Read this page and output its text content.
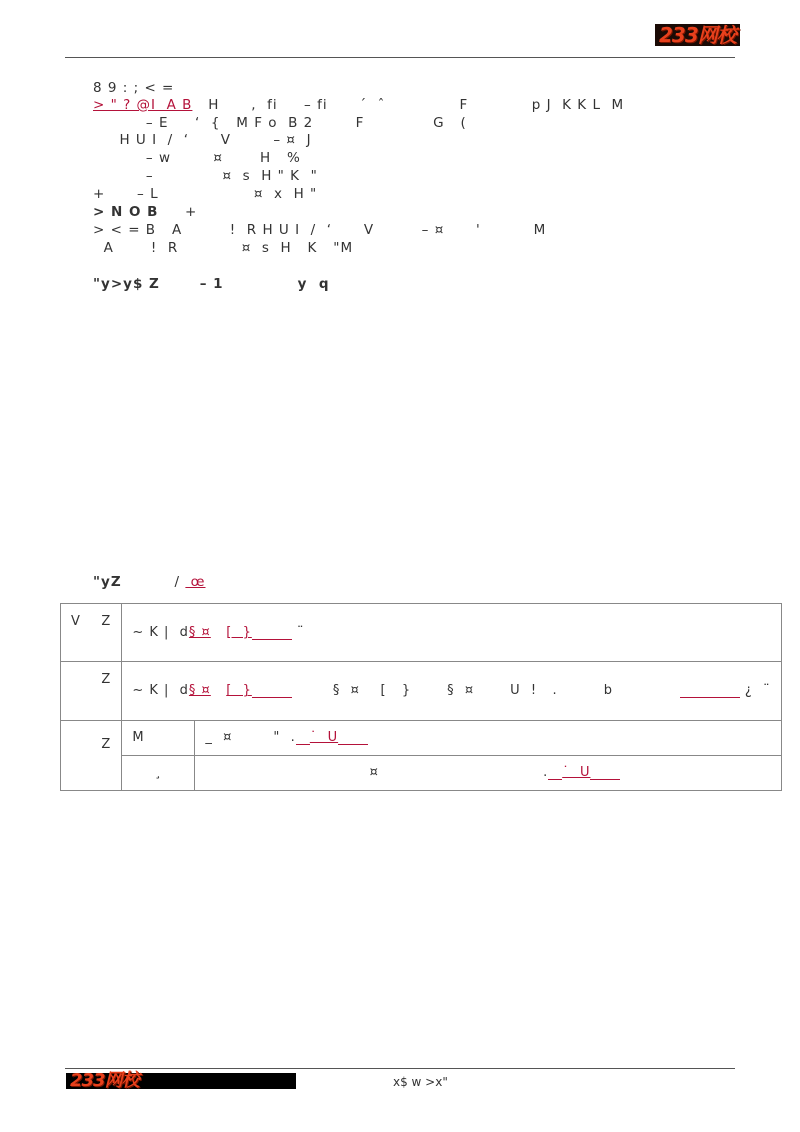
233网校
8 9 : ; < =
> " ? @I  A B   H      ,  fi     – fi      ´  ˆ              F            p J  K K L  M
– E     ‘  {   M F o  B 2        F             G   (
H U I  /  ‘      V        – ¤  J
– w        ¤       H   %
–             ¤  s  H " K  "
+      – L                  ¤  x  H "
> N O B     +
> < = B   A         !  R H U I  /  ‘      V         – ¤      '          M
A       !  R            ¤  s  H   K   "M
"y>y$ Z       – 1             y  q
"yZ          /  œ
V    Z	~ K |  d§ ¤ [  } ¨	
Z	~ K |  d§ ¤ [  } §  ¤    [   }       §  ¤       U  !   .         b ¿  ¨	
Z	M	_  ¤        "  . ˙  U
	¸	¤                                . ˙  U
233网校	x$ w >x"
